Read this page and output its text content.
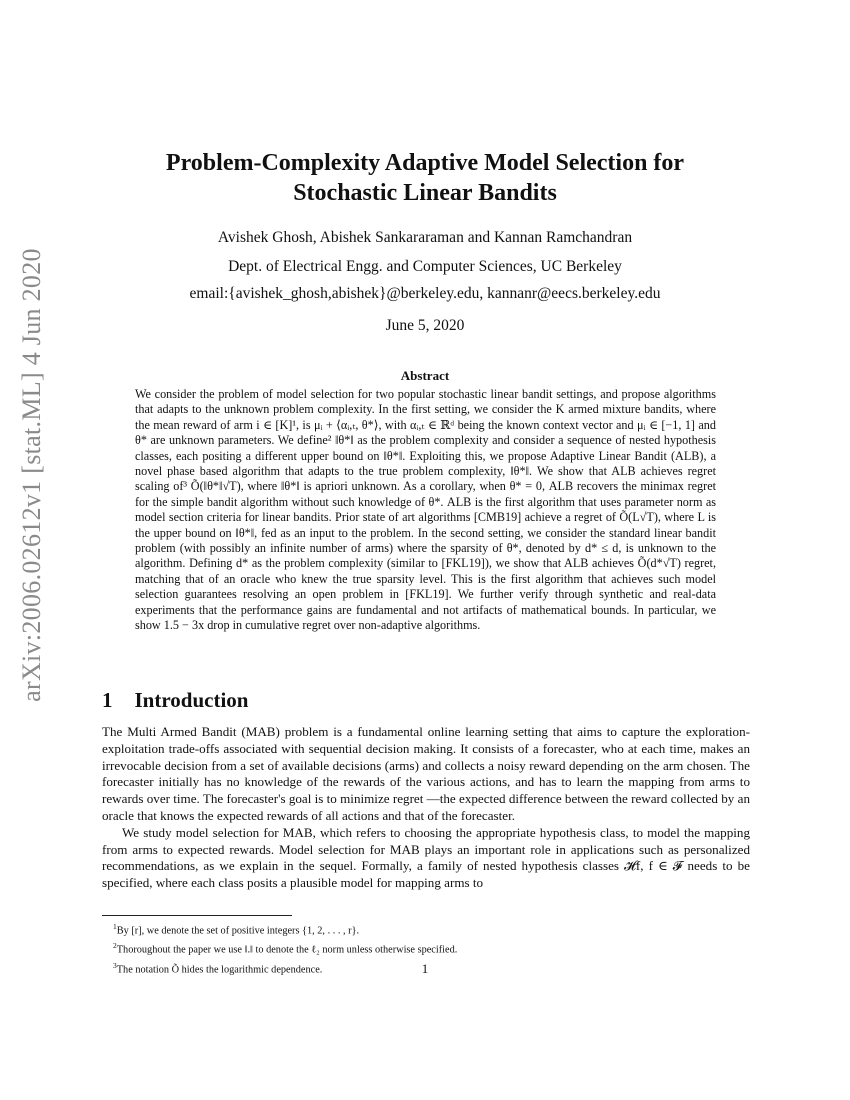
arXiv:2006.02612v1 [stat.ML] 4 Jun 2020
Problem-Complexity Adaptive Model Selection for
Stochastic Linear Bandits
Avishek Ghosh, Abishek Sankararaman and Kannan Ramchandran
Dept. of Electrical Engg. and Computer Sciences, UC Berkeley
email:{avishek_ghosh,abishek}@berkeley.edu, kannanr@eecs.berkeley.edu
June 5, 2020
Abstract

We consider the problem of model selection for two popular stochastic linear bandit settings, and propose algorithms that adapts to the unknown problem complexity. In the first setting, we consider the K armed mixture bandits, where the mean reward of arm i ∈ [K]¹, is μᵢ + ⟨αᵢ,ₜ, θ*⟩, with αᵢ,ₜ ∈ ℝᵈ being the known context vector and μᵢ ∈ [−1, 1] and θ* are unknown parameters. We define² ‖θ*‖ as the problem complexity and consider a sequence of nested hypothesis classes, each positing a different upper bound on ‖θ*‖. Exploiting this, we propose Adaptive Linear Bandit (ALB), a novel phase based algorithm that adapts to the true problem complexity, ‖θ*‖. We show that ALB achieves regret scaling of³ Õ(‖θ*‖√T), where ‖θ*‖ is apriori unknown. As a corollary, when θ* = 0, ALB recovers the minimax regret for the simple bandit algorithm without such knowledge of θ*. ALB is the first algorithm that uses parameter norm as model section criteria for linear bandits. Prior state of art algorithms [CMB19] achieve a regret of Õ(L√T), where L is the upper bound on ‖θ*‖, fed as an input to the problem. In the second setting, we consider the standard linear bandit problem (with possibly an infinite number of arms) where the sparsity of θ*, denoted by d* ≤ d, is unknown to the algorithm. Defining d* as the problem complexity (similar to [FKL19]), we show that ALB achieves Õ(d*√T) regret, matching that of an oracle who knew the true sparsity level. This is the first algorithm that achieves such model selection guarantees resolving an open problem in [FKL19]. We further verify through synthetic and real-data experiments that the performance gains are fundamental and not artifacts of mathematical bounds. In particular, we show 1.5 − 3x drop in cumulative regret over non-adaptive algorithms.

1 Introduction

The Multi Armed Bandit (MAB) problem is a fundamental online learning setting that aims to capture the exploration-exploitation trade-offs associated with sequential decision making. It consists of a forecaster, who at each time, makes an irrevocable decision from a set of available decisions (arms) and collects a noisy reward depending on the arm chosen. The forecaster initially has no knowledge of the rewards of the various actions, and has to learn the mapping from arms to rewards over time. The forecaster's goal is to minimize regret —the expected difference between the reward collected by an oracle that knows the expected rewards of all actions and that of the forecaster.

We study model selection for MAB, which refers to choosing the appropriate hypothesis class, to model the mapping from arms to expected rewards. Model selection for MAB plays an important role in applications such as personalized recommendations, as we explain in the sequel. Formally, a family of nested hypothesis classes 𝓗f, f ∈ 𝓕 needs to be specified, where each class posits a plausible model for mapping arms to

$^1$By [r], we denote the set of positive integers {1, 2, . . . , r}.
$^2$Thoroughout the paper we use ‖.‖ to denote the ℓ₂ norm unless otherwise specified.
$^3$The notation Õ hides the logarithmic dependence.	1
